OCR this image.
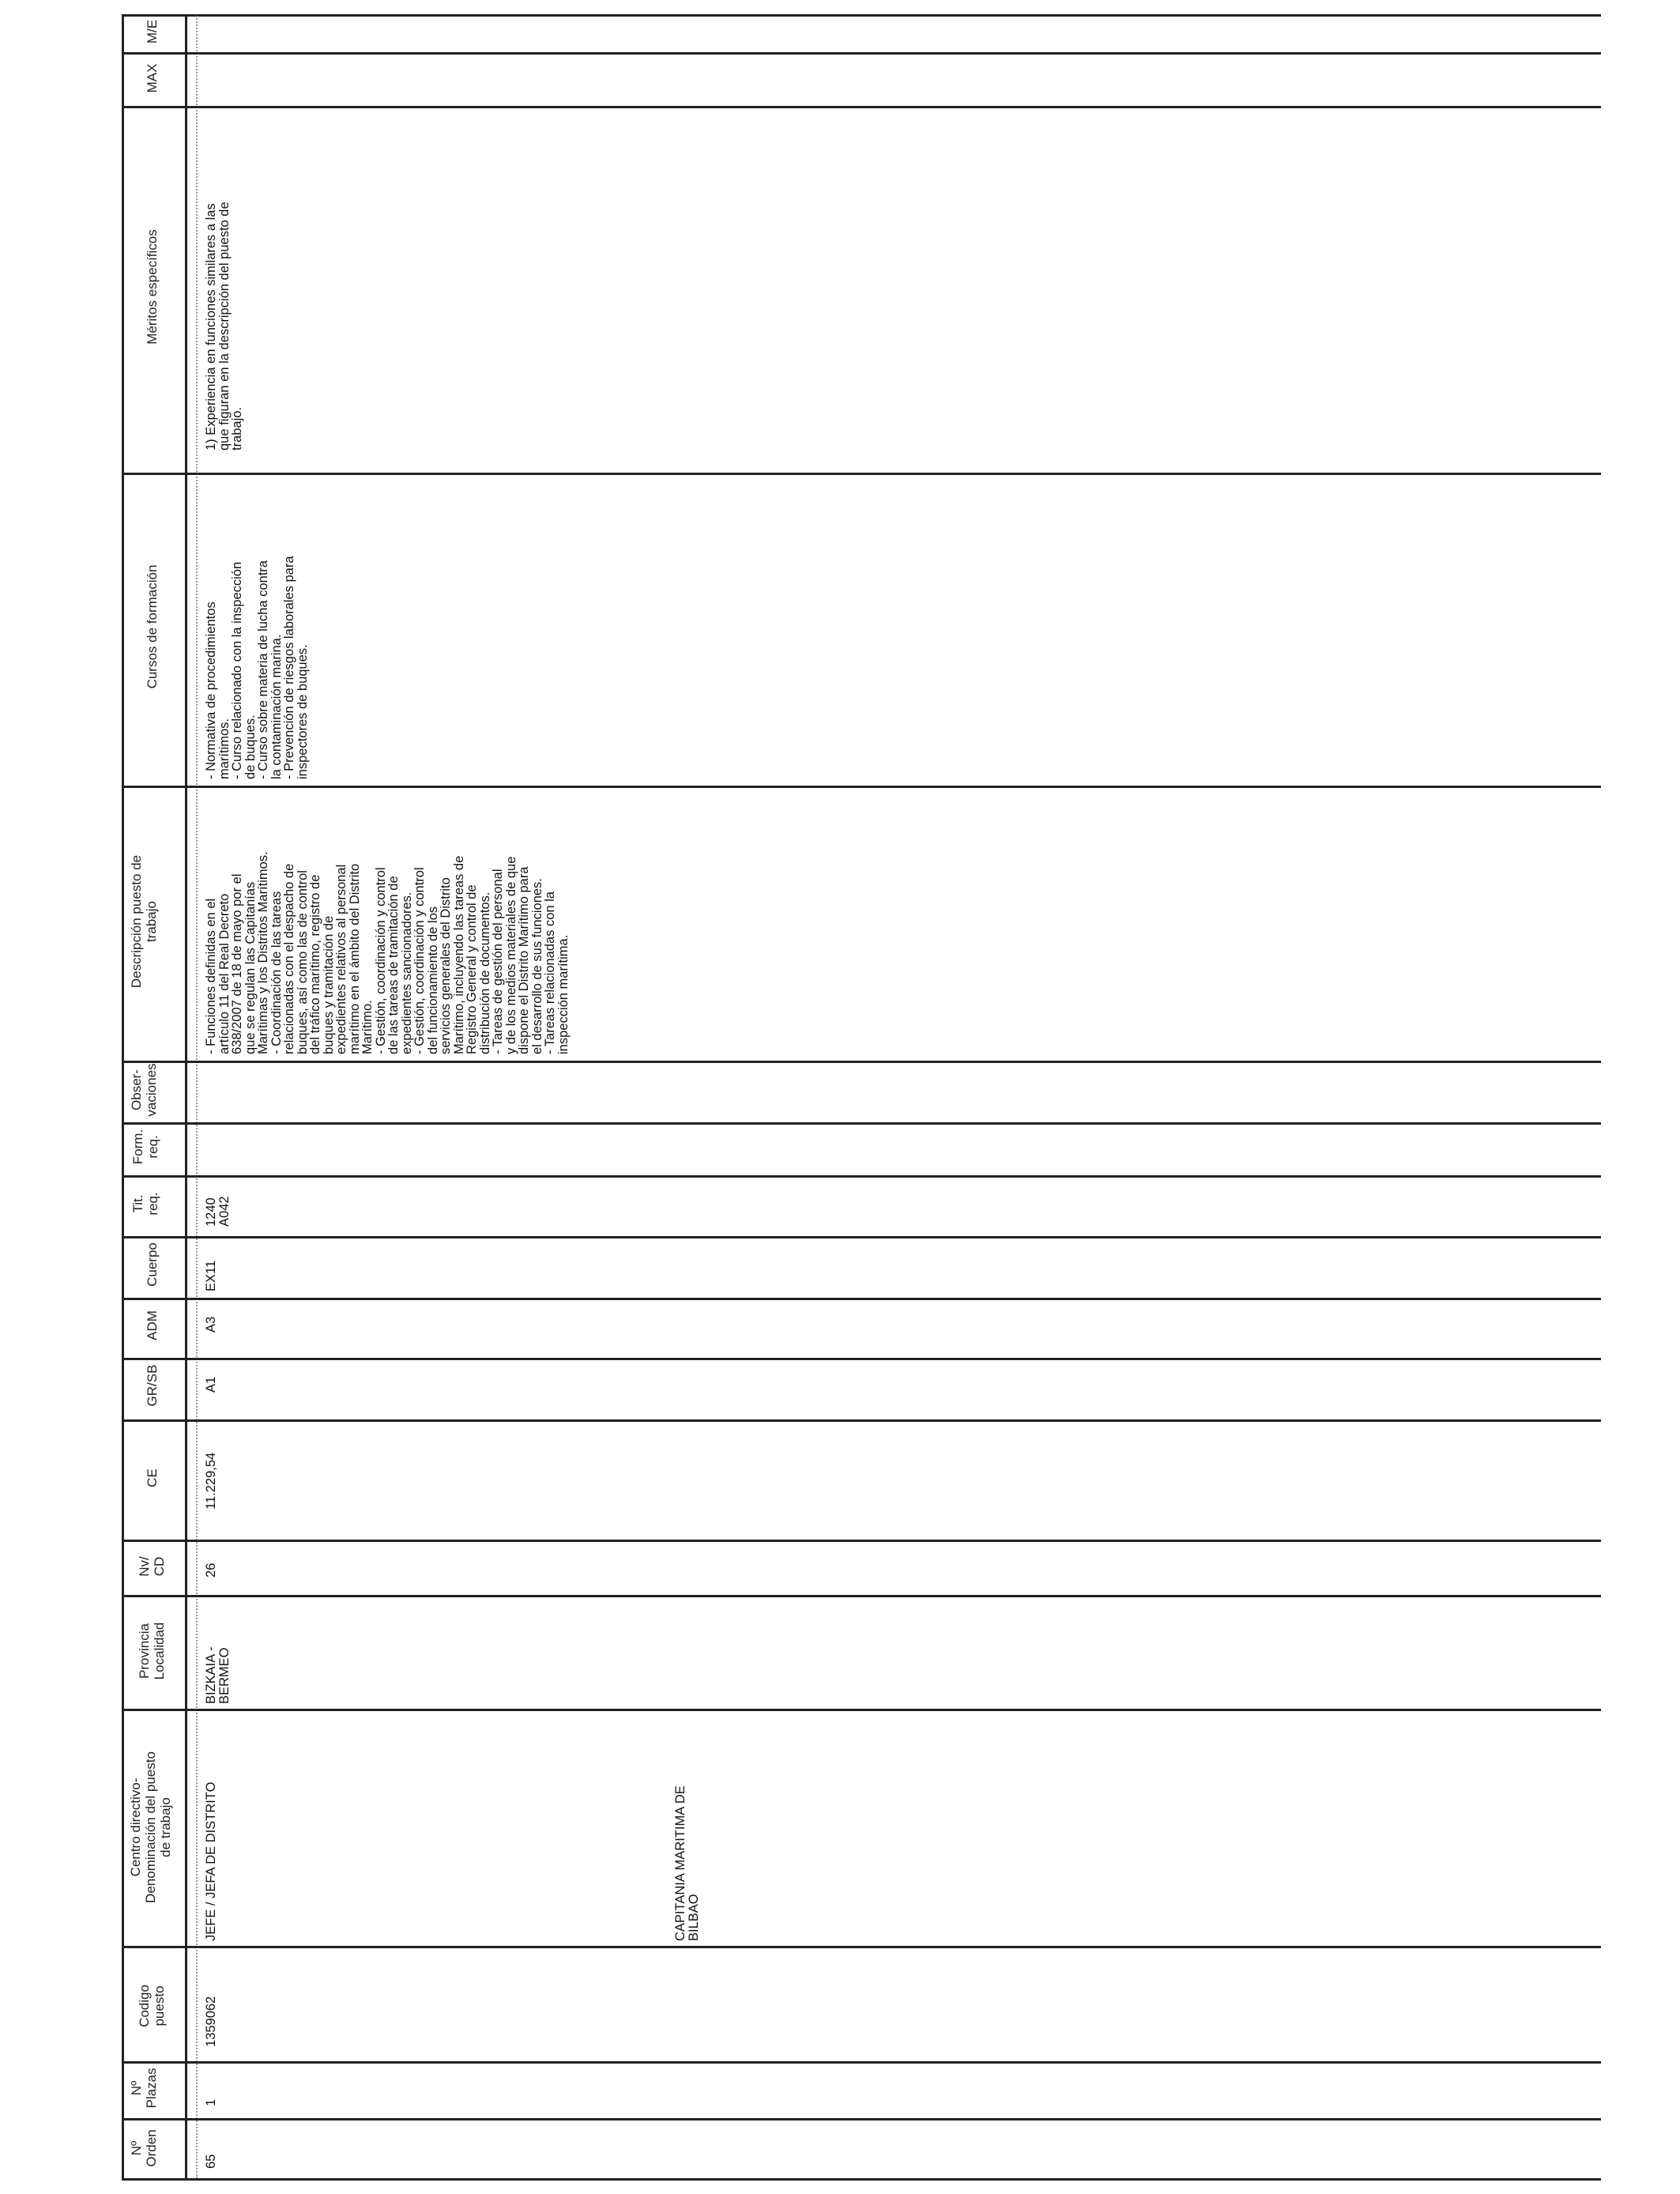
Nº
Orden
Nº
Plazas
Codigo
puesto
Centro directivo-
Denominación del puesto
de trabajo
Provincia
Localidad
Nv/
CD
CE
GR/SB
ADM
Cuerpo
Tit.
req.
Form.
req.
Obser-
vaciones
Descripción puesto de
trabajo
Cursos de formación
Méritos específicos
MAX
M/E
65
1
1359062
JEFE / JEFA DE DISTRITO	CAPITANIA MARITIMA DE
BILBAO
BIZKAIA -
BERMEO
26
11.229,54
A1
A3
EX11
1240
A042
- Funciones definidas en el
artículo 11 del Real Decreto
638/2007 de 18 de mayo por el
que se regulan las Capitanías
Marítimas y los Distritos Marítimos.
- Coordinación de las tareas
relacionadas con el despacho de
buques, así como las de control
del tráfico marítimo, registro de
buques y tramitación de
expedientes relativos al personal
marítimo en el ámbito del Distrito
Marítimo.
- Gestión, coordinación y control
de las tareas de tramitación de
expedientes sancionadores.
- Gestión, coordinación y control
del funcionamiento de los
servicios generales del Distrito
Marítimo, incluyendo las tareas de
Registro General y control de
distribución de documentos.
- Tareas de gestión del personal
y de los medios materiales de que
dispone el Distrito Marítimo para
el desarrollo de sus funciones.
- Tareas relacionadas con la
inspección marítima.
- Normativa de procedimientos
marítimos.
- Curso relacionado con la inspección
de buques.
- Curso sobre materia de lucha contra
la contaminación marina.
- Prevención de riesgos laborales para
inspectores de buques.
1) Experiencia en funciones similares a las
que figuran en la descripción del puesto de
trabajo.
